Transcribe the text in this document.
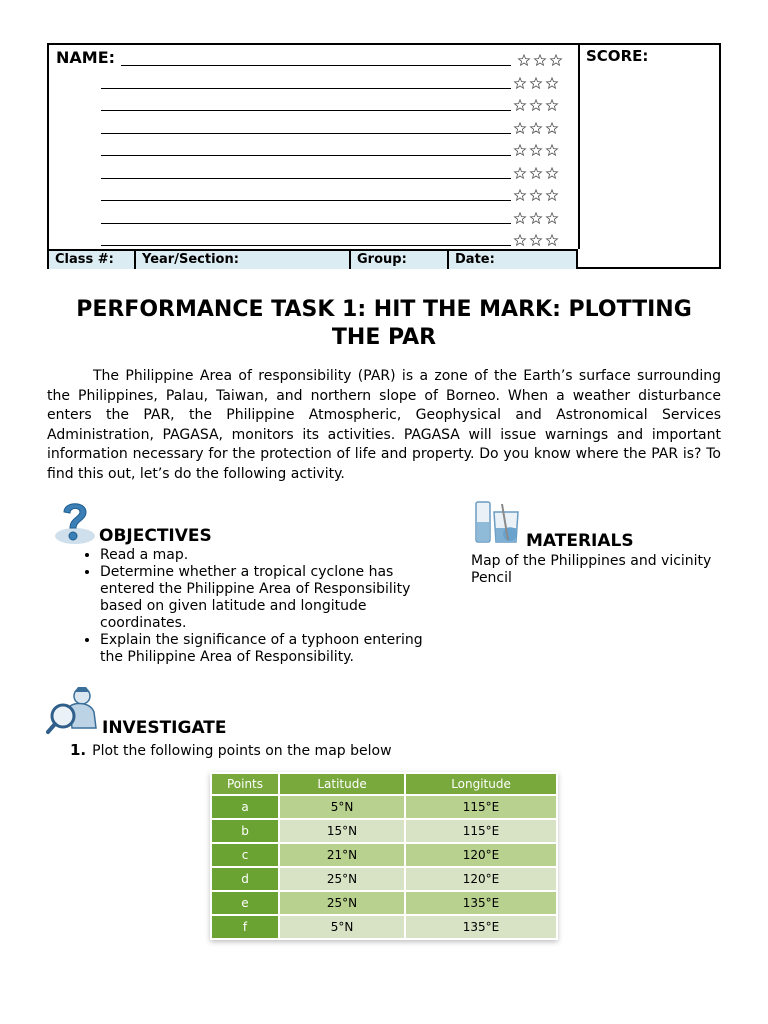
NAME:	SCORE:
Class #:	Year/Section:	Group:	Date:
PERFORMANCE TASK 1: HIT THE MARK: PLOTTING THE PAR

The Philippine Area of responsibility (PAR) is a zone of the Earth’s surface surrounding the Philippines, Palau, Taiwan, and northern slope of Borneo. When a weather disturbance enters the PAR, the Philippine Atmospheric, Geophysical and Astronomical Services Administration, PAGASA, monitors its activities. PAGASA will issue warnings and important information necessary for the protection of life and property. Do you know where the PAR is? To find this out, let’s do the following activity.

OBJECTIVES
• Read a map.
• Determine whether a tropical cyclone has entered the Philippine Area of Responsibility based on given latitude and longitude coordinates.
• Explain the significance of a typhoon entering the Philippine Area of Responsibility.
MATERIALS
Map of the Philippines and vicinity
Pencil
INVESTIGATE
1. Plot the following points on the map below
Points	Latitude	Longitude
a	5°N	115°E
b	15°N	115°E
c	21°N	120°E
d	25°N	120°E
e	25°N	135°E
f	5°N	135°E
